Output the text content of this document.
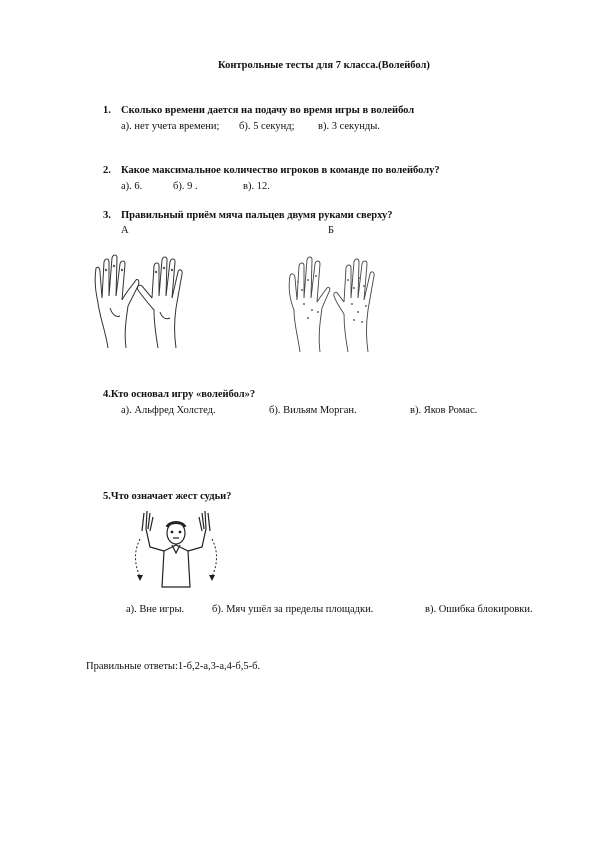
Контрольные тесты для 7 класса.(Волейбол)
1. Сколько времени дается на подачу во время игры в волейбол
а). нет учета времени; б). 5 секунд; в). 3 секунды.
2. Какое максимальное количество игроков в команде по волейболу?
а). 6.	б). 9 .	в). 12.
3. Правильный приём мяча пальцев двумя руками сверху?
А	Б
4.Кто основал игру «волейбол»?
а). Альфред Холстед.	б). Вильям Морган.	в). Яков Ромас.
5.Что означает жест судьи?
а). Вне игры.	б). Мяч ушёл за пределы площадки.	в). Ошибка блокировки.
Правильные ответы:1-б,2-а,3-а,4-б,5-б.
